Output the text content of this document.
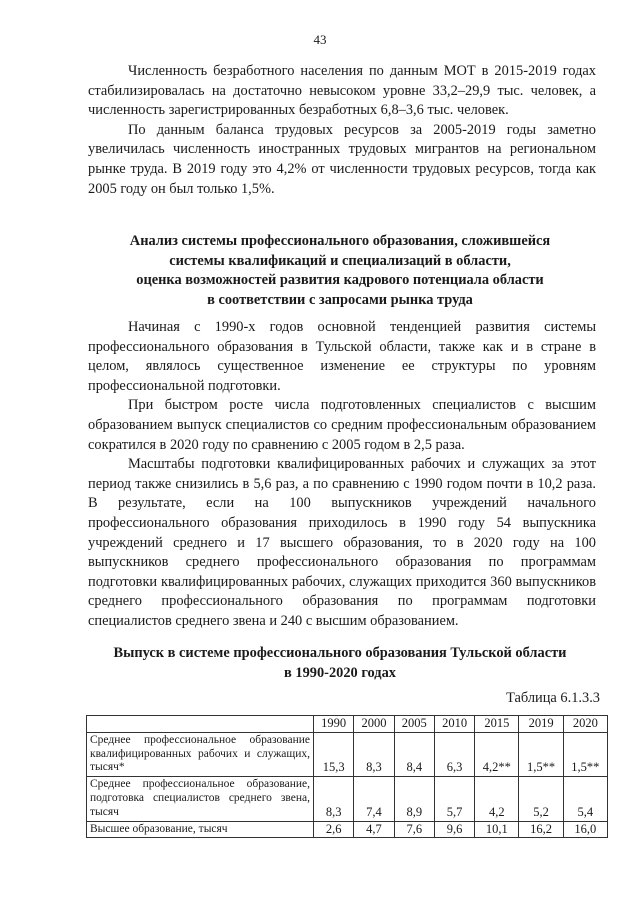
43

Численность безработного населения по данным МОТ в 2015-2019 годах стабилизировалась на достаточно невысоком уровне 33,2–29,9 тыс. человек, а численность зарегистрированных безработных 6,8–3,6 тыс. человек.

По данным баланса трудовых ресурсов за 2005-2019 годы заметно увеличилась численность иностранных трудовых мигрантов на региональном рынке труда. В 2019 году это 4,2% от численности трудовых ресурсов, тогда как 2005 году он был только 1,5%.

Анализ системы профессионального образования, сложившейся
системы квалификаций и специализаций в области,
оценка возможностей развития кадрового потенциала области
в соответствии с запросами рынка труда

Начиная с 1990-х годов основной тенденцией развития системы профессионального образования в Тульской области, также как и в стране в целом, являлось существенное изменение ее структуры по уровням профессиональной подготовки.

При быстром росте числа подготовленных специалистов с высшим образованием выпуск специалистов со средним профессиональным образованием сократился в 2020 году по сравнению с 2005 годом в 2,5 раза.

Масштабы подготовки квалифицированных рабочих и служащих за этот период также снизились в 5,6 раз, а по сравнению с 1990 годом почти в 10,2 раза. В результате, если на 100 выпускников учреждений начального профессионального образования приходилось в 1990 году 54 выпускника учреждений среднего и 17 высшего образования, то в 2020 году на 100 выпускников среднего профессионального образования по программам подготовки квалифицированных рабочих, служащих приходится 360 выпускников среднего профессионального образования по программам подготовки специалистов среднего звена и 240 с высшим образованием.

Выпуск в системе профессионального образования Тульской области
в 1990-2020 годах
Таблица 6.1.3.3
	1990	2000	2005	2010	2015	2019	2020
Среднее профессиональное образование квалифицированных рабочих и служащих, тысяч*	15,3	8,3	8,4	6,3	4,2**	1,5**	1,5**
Среднее профессиональное образование, подготовка специалистов среднего звена, тысяч	8,3	7,4	8,9	5,7	4,2	5,2	5,4
Высшее образование, тысяч	2,6	4,7	7,6	9,6	10,1	16,2	16,0
